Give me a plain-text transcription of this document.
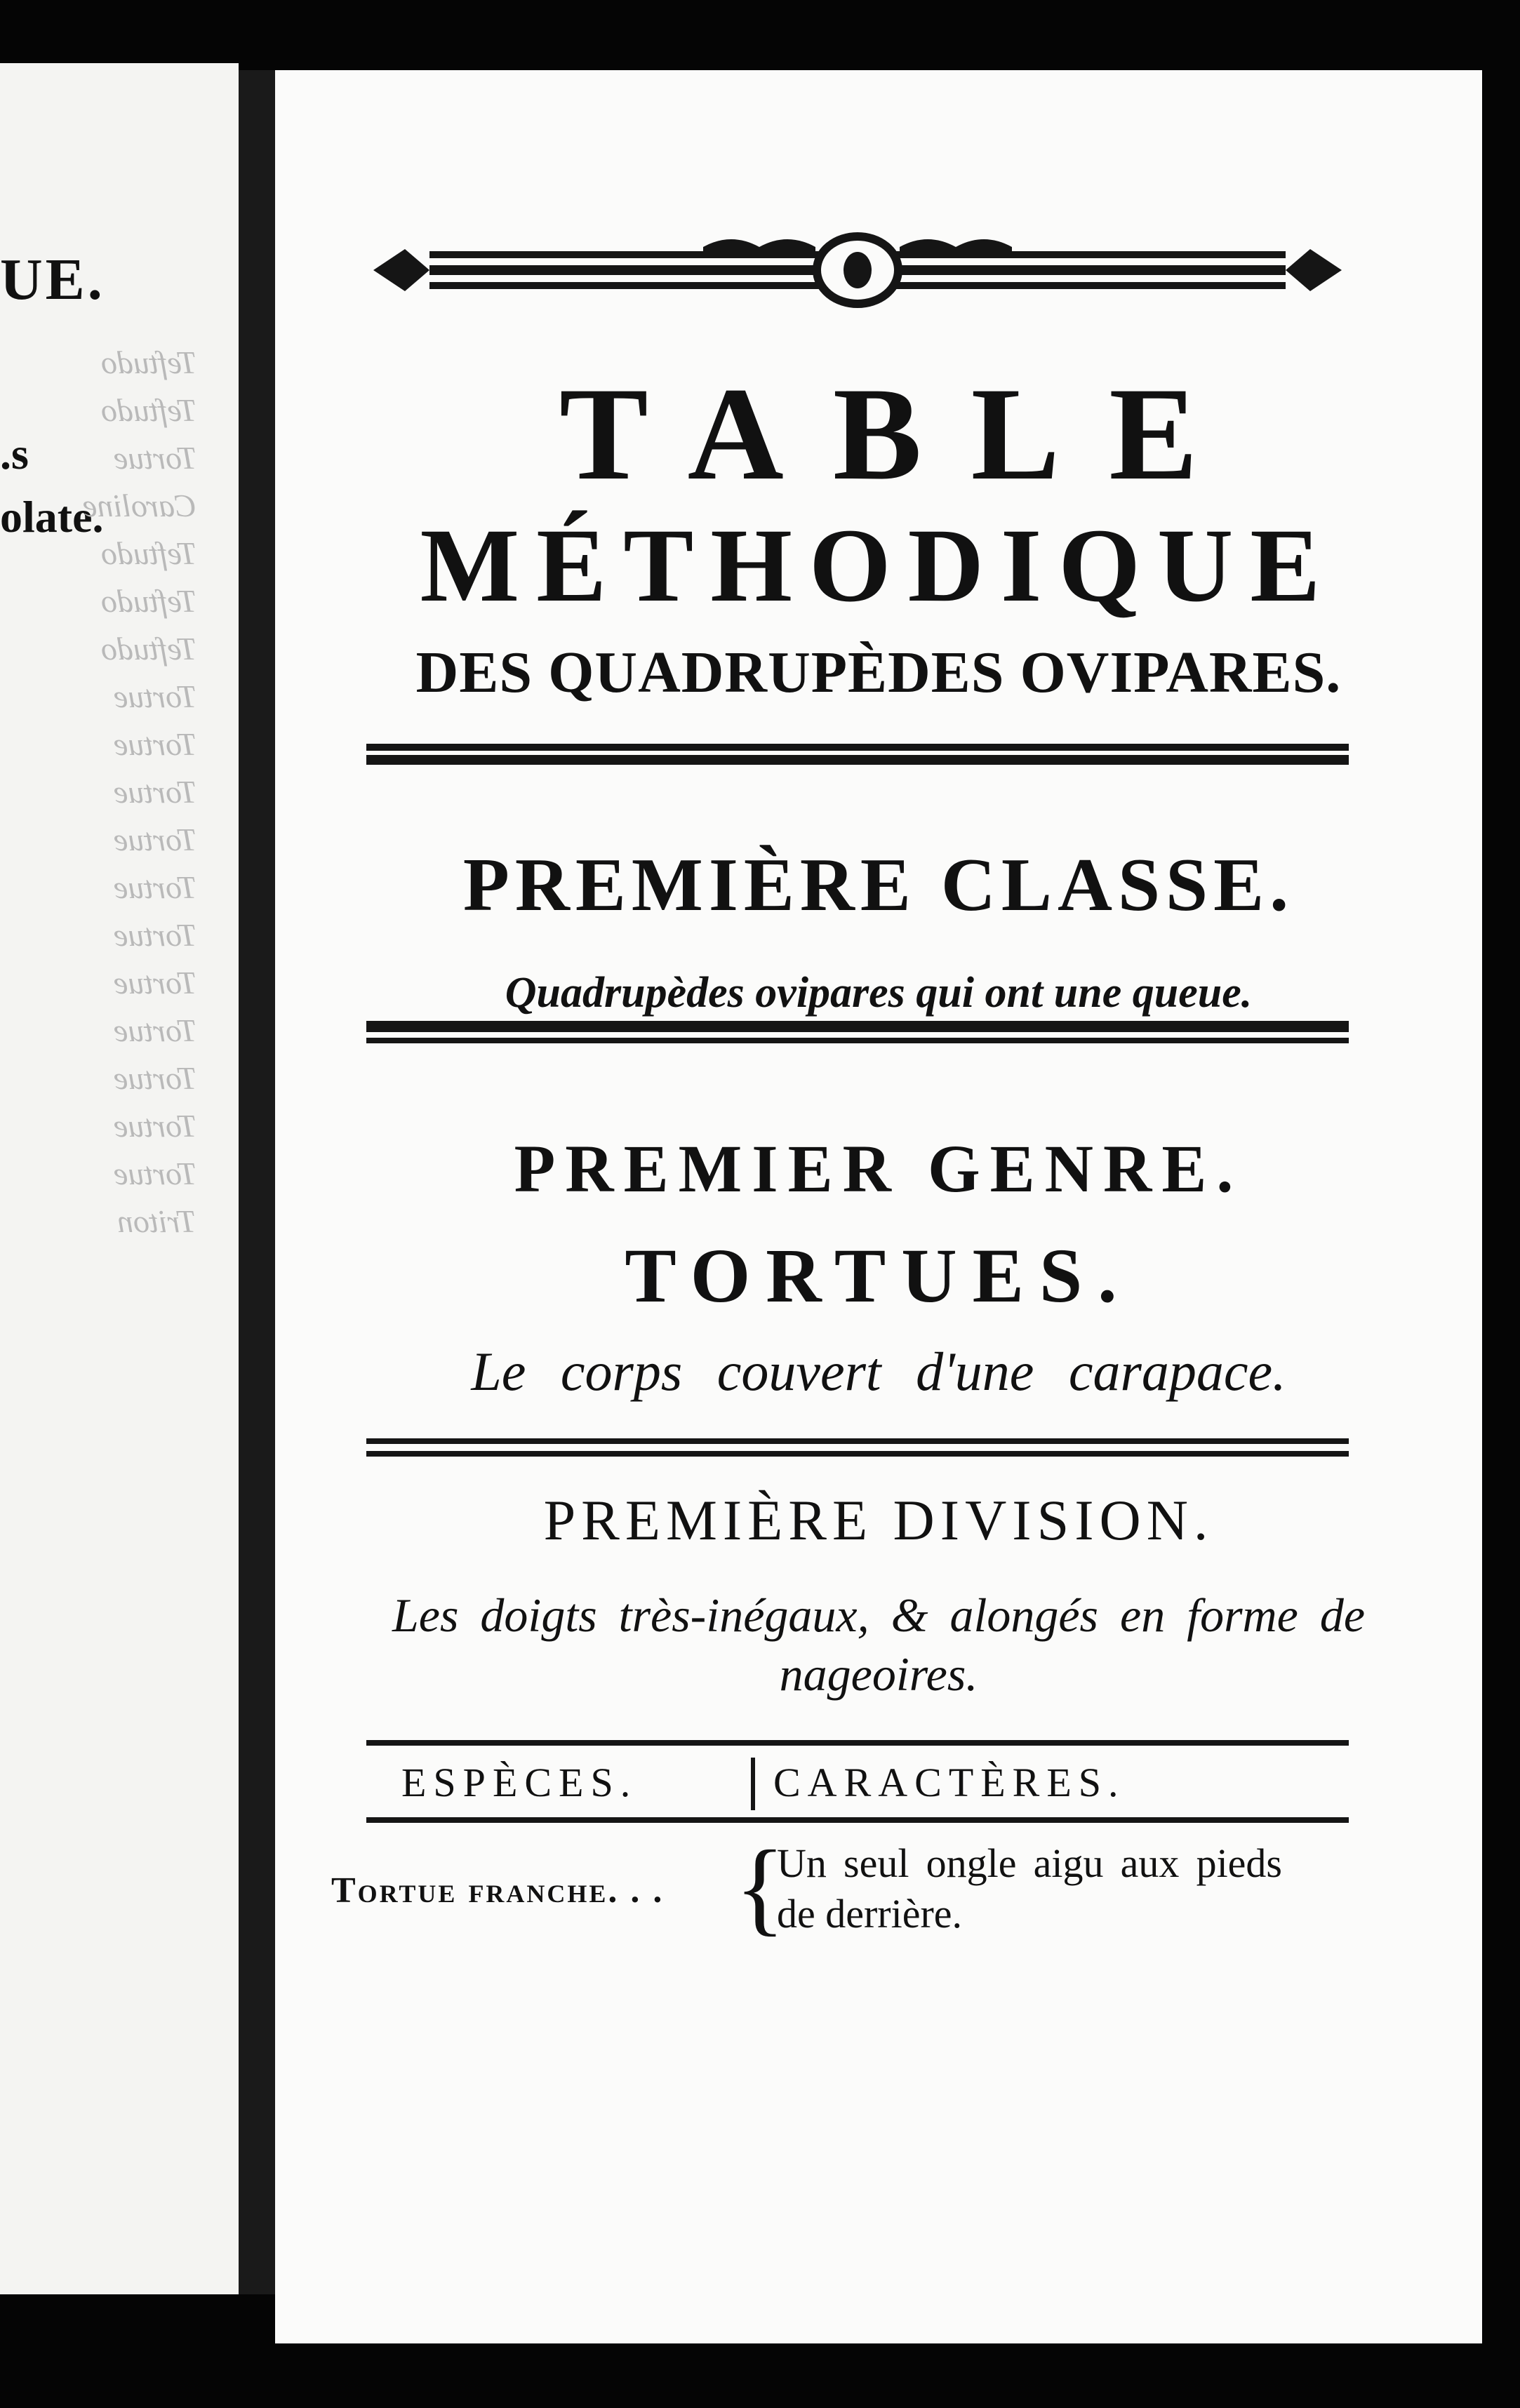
UE.
.s
olate.
Teftudo
Teftudo
Tortue
Caroline
Teftudo
Teftudo
Teftudo
Tortue
Tortue
Tortue
Tortue
Tortue
Tortue
Tortue
Tortue
Tortue
Tortue
Tortue
Triton
TABLE
MÉTHODIQUE
DES QUADRUPÈDES OVIPARES.
PREMIÈRE CLASSE.
Quadrupèdes ovipares qui ont une queue.
PREMIER GENRE.
TORTUES.
Le corps couvert d'une carapace.
PREMIÈRE DIVISION.
Les doigts très-inégaux, & alongés en forme de nageoires.
ESPÈCES.	CARACTÈRES.
Tortue franche. . . {
Un seul ongle aigu aux pieds de derrière.
